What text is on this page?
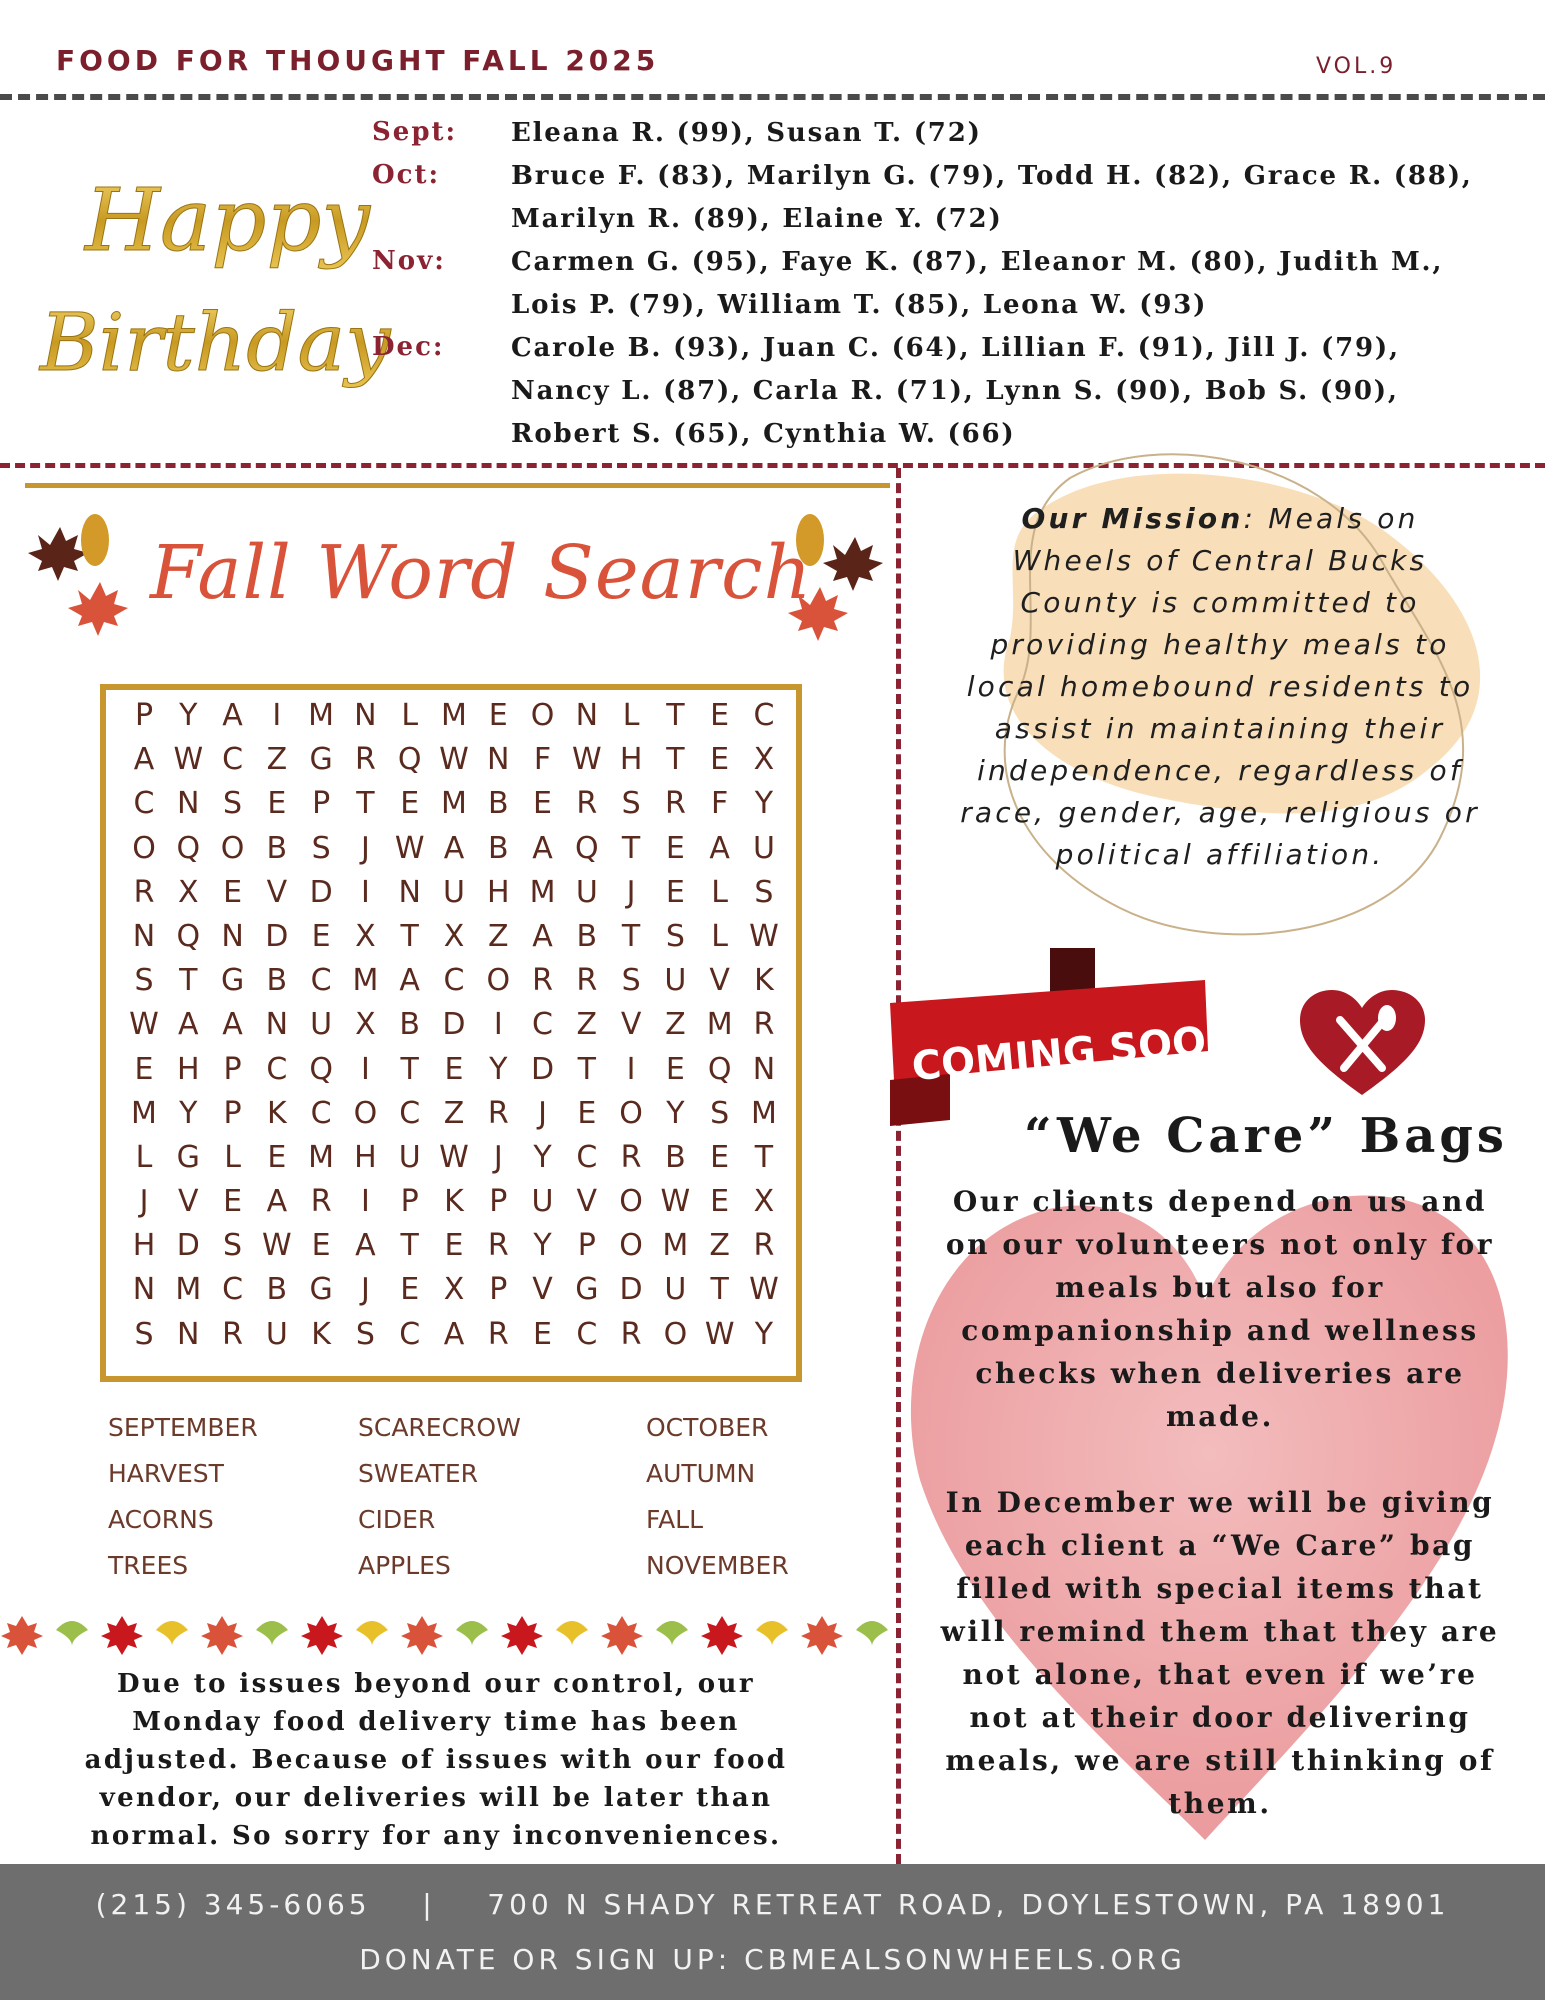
FOOD FOR THOUGHT FALL 2025	VOL.9
Happy
Birthday
Sept: Eleana R. (99), Susan T. (72)
Oct:	Bruce F. (83), Marilyn G. (79), Todd H. (82), Grace R. (88),
Marilyn R. (89), Elaine Y. (72)
Nov:	Carmen G. (95), Faye K. (87), Eleanor M. (80), Judith M.,
Lois P. (79), William T. (85), Leona W. (93)
Dec:	Carole B. (93), Juan C. (64), Lillian F. (91), Jill J. (79),
Nancy L. (87), Carla R. (71), Lynn S. (90), Bob S. (90),
Robert S. (65), Cynthia W. (66)
Fall Word Search
P Y A I M N L M E O N L T E C
A W C Z G R Q W N F W H T E X
C N S E P T E M B E R S R F Y
O Q O B S	J W A B A Q T E A U
R X E V D I N U H M U J	E L S
N Q N D E X T X Z A B T S L W
S T G B C M A C O R R S U V K
W A A N U X B D I C Z V Z M R
E H P C Q I	T E Y D T	I	E Q N
M Y P K C O C Z R J	E O Y S M
L G L E M H U W J	Y C R B E T
J V E A R I	P K P U V O W E X
H D S W E A T E R Y P O M Z R
N M C B G J	E X P V G D U T W
S N R U K S C A R E C R O W Y
SEPTEMBER	SCARECROW	OCTOBER
HARVEST	SWEATER	AUTUMN
ACORNS	CIDER	FALL
TREES	APPLES	NOVEMBER
Due to issues beyond our control, our Monday food delivery time has been adjusted. Because of issues with our food vendor, our deliveries will be later than normal. So sorry for any inconveniences.
Our Mission: Meals on Wheels of Central Bucks County is committed to providing healthy meals to local homebound residents to assist in maintaining their independence, regardless of race, gender, age, religious or political affiliation.
COMING SOON
“We Care” Bags

Our clients depend on us and on our volunteers not only for meals but also for companionship and wellness checks when deliveries are made.

In December we will be giving each client a “We Care” bag filled with special items that will remind them that they are not alone, that even if we’re not at their door delivering meals, we are still thinking of them.

(215) 345-6065 | 700 N SHADY RETREAT ROAD, DOYLESTOWN, PA 18901
DONATE OR SIGN UP: CBMEALSONWHEELS.ORG
